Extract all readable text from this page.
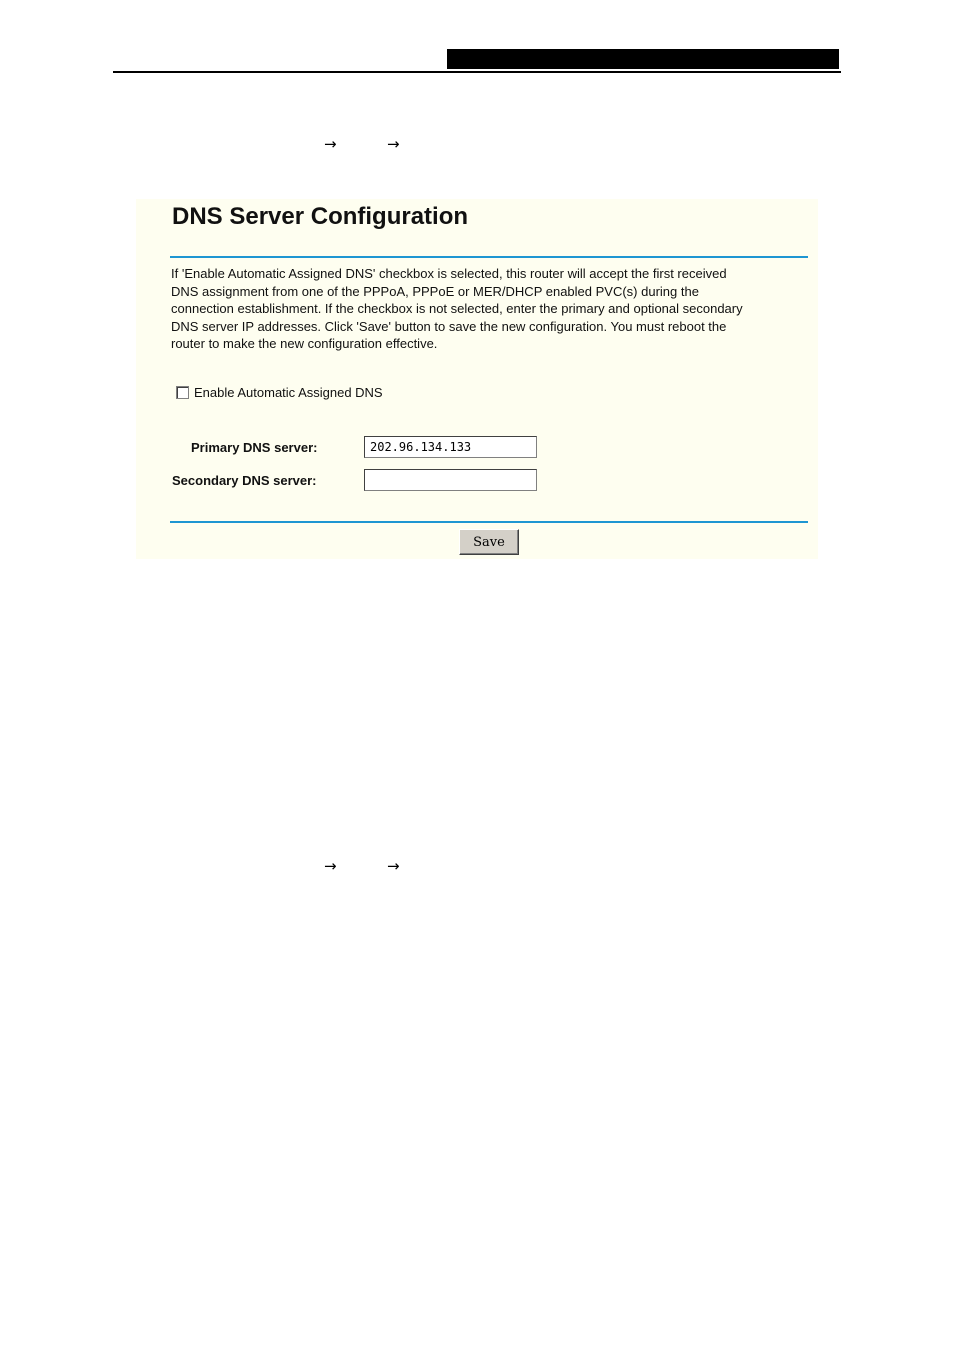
→	→
DNS Server Configuration

If 'Enable Automatic Assigned DNS' checkbox is selected, this router will accept the first received
DNS assignment from one of the PPPoA, PPPoE or MER/DHCP enabled PVC(s) during the
connection establishment. If the checkbox is not selected, enter the primary and optional secondary
DNS server IP addresses. Click 'Save' button to save the new configuration. You must reboot the
router to make the new configuration effective.

Enable Automatic Assigned DNS
Primary DNS server:
202.96.134.133
Secondary DNS server:
Save
→	→
